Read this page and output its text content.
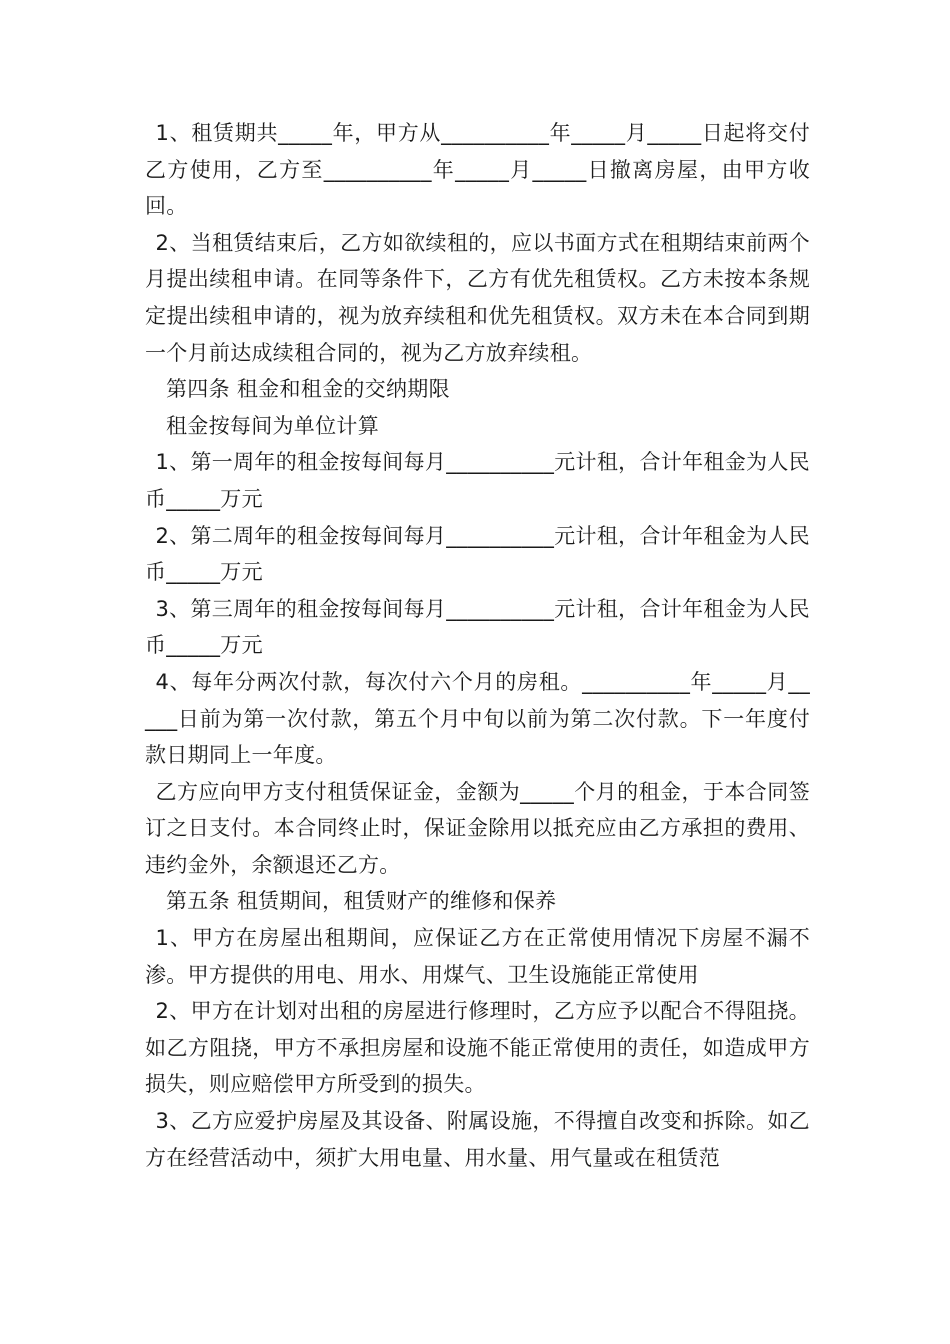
1、租赁期共_____年，甲方从__________年_____月_____日起将交付乙方使用，乙方至__________年_____月_____日撤离房屋，由甲方收回。

2、当租赁结束后，乙方如欲续租的，应以书面方式在租期结束前两个月提出续租申请。在同等条件下，乙方有优先租赁权。乙方未按本条规定提出续租申请的，视为放弃续租和优先租赁权。双方未在本合同到期一个月前达成续租合同的，视为乙方放弃续租。

第四条 租金和租金的交纳期限

租金按每间为单位计算

1、第一周年的租金按每间每月__________元计租，合计年租金为人民币_____万元

2、第二周年的租金按每间每月__________元计租，合计年租金为人民币_____万元

3、第三周年的租金按每间每月__________元计租，合计年租金为人民币_____万元

4、每年分两次付款，每次付六个月的房租。__________年_____月_____日前为第一次付款，第五个月中旬以前为第二次付款。下一年度付款日期同上一年度。

乙方应向甲方支付租赁保证金，金额为_____个月的租金，于本合同签订之日支付。本合同终止时，保证金除用以抵充应由乙方承担的费用、违约金外，余额退还乙方。

第五条 租赁期间，租赁财产的维修和保养

1、甲方在房屋出租期间，应保证乙方在正常使用情况下房屋不漏不渗。甲方提供的用电、用水、用煤气、卫生设施能正常使用

2、甲方在计划对出租的房屋进行修理时，乙方应予以配合不得阻挠。如乙方阻挠，甲方不承担房屋和设施不能正常使用的责任，如造成甲方损失，则应赔偿甲方所受到的损失。

3、乙方应爱护房屋及其设备、附属设施，不得擅自改变和拆除。如乙方在经营活动中，须扩大用电量、用水量、用气量或在租赁范
